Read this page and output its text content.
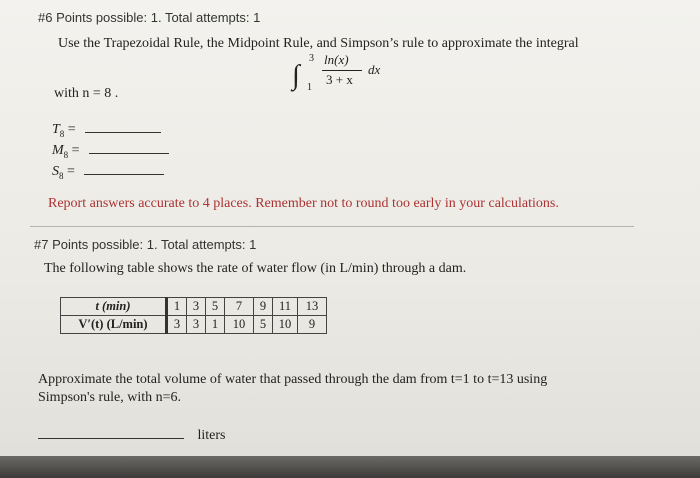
#6 Points possible: 1. Total attempts: 1
Use the Trapezoidal Rule, the Midpoint Rule, and Simpson’s rule to approximate the integral
∫
3
1
ln(x)
3 + x
dx
with n = 8 .
$T_8$ =
$M_8$ =
$S_8$ =
Report answers accurate to 4 places. Remember not to round too early in your calculations.
#7 Points possible: 1. Total attempts: 1
The following table shows the rate of water flow (in L/min) through a dam.
t (min)	1	3	5	7	9	11	13
V′(t) (L/min)	3	3	1	10	5	10	9
Approximate the total volume of water that passed through the dam from t=1 to t=13 using
Simpson's rule, with n=6.
liters
